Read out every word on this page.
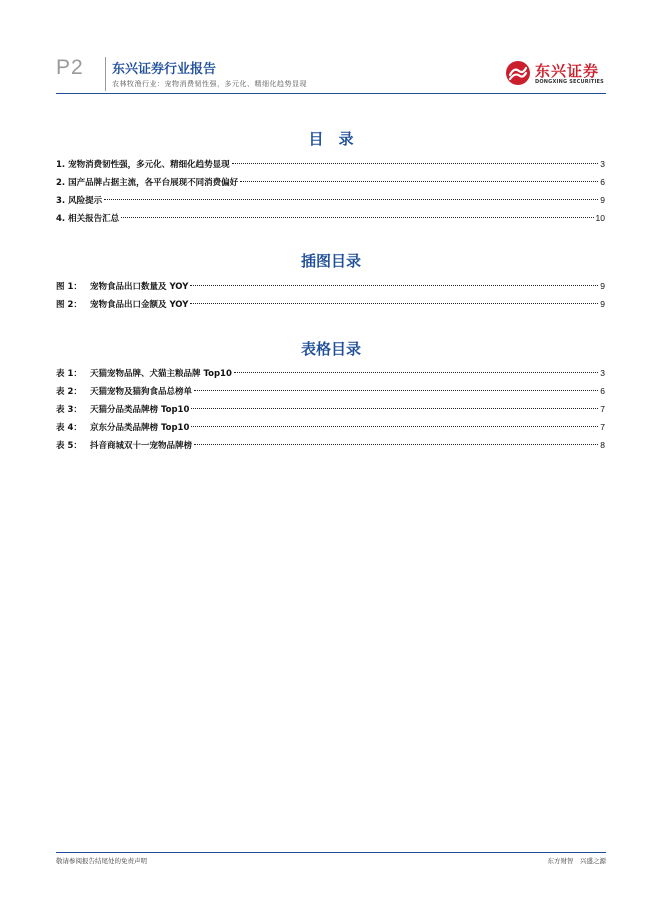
P2 东兴证券行业报告
农林牧渔行业：宠物消费韧性强，多元化、精细化趋势显现
东兴证券
DONGXING SECURITIES
目　录
1. 宠物消费韧性强，多元化、精细化趋势显现	3
2. 国产品牌占据主流，各平台展现不同消费偏好	6
3. 风险提示	9
4. 相关报告汇总	10
插图目录
图 1： 宠物食品出口数量及 YOY	9
图 2： 宠物食品出口金额及 YOY	9
表格目录
表 1： 天猫宠物品牌、犬猫主粮品牌 Top10	3
表 2： 天猫宠物及猫狗食品总榜单	6
表 3： 天猫分品类品牌榜 Top10	7
表 4： 京东分品类品牌榜 Top10	7
表 5： 抖音商城双十一宠物品牌榜	8
敬请参阅报告结尾处的免责声明	东方财智　兴盛之源
